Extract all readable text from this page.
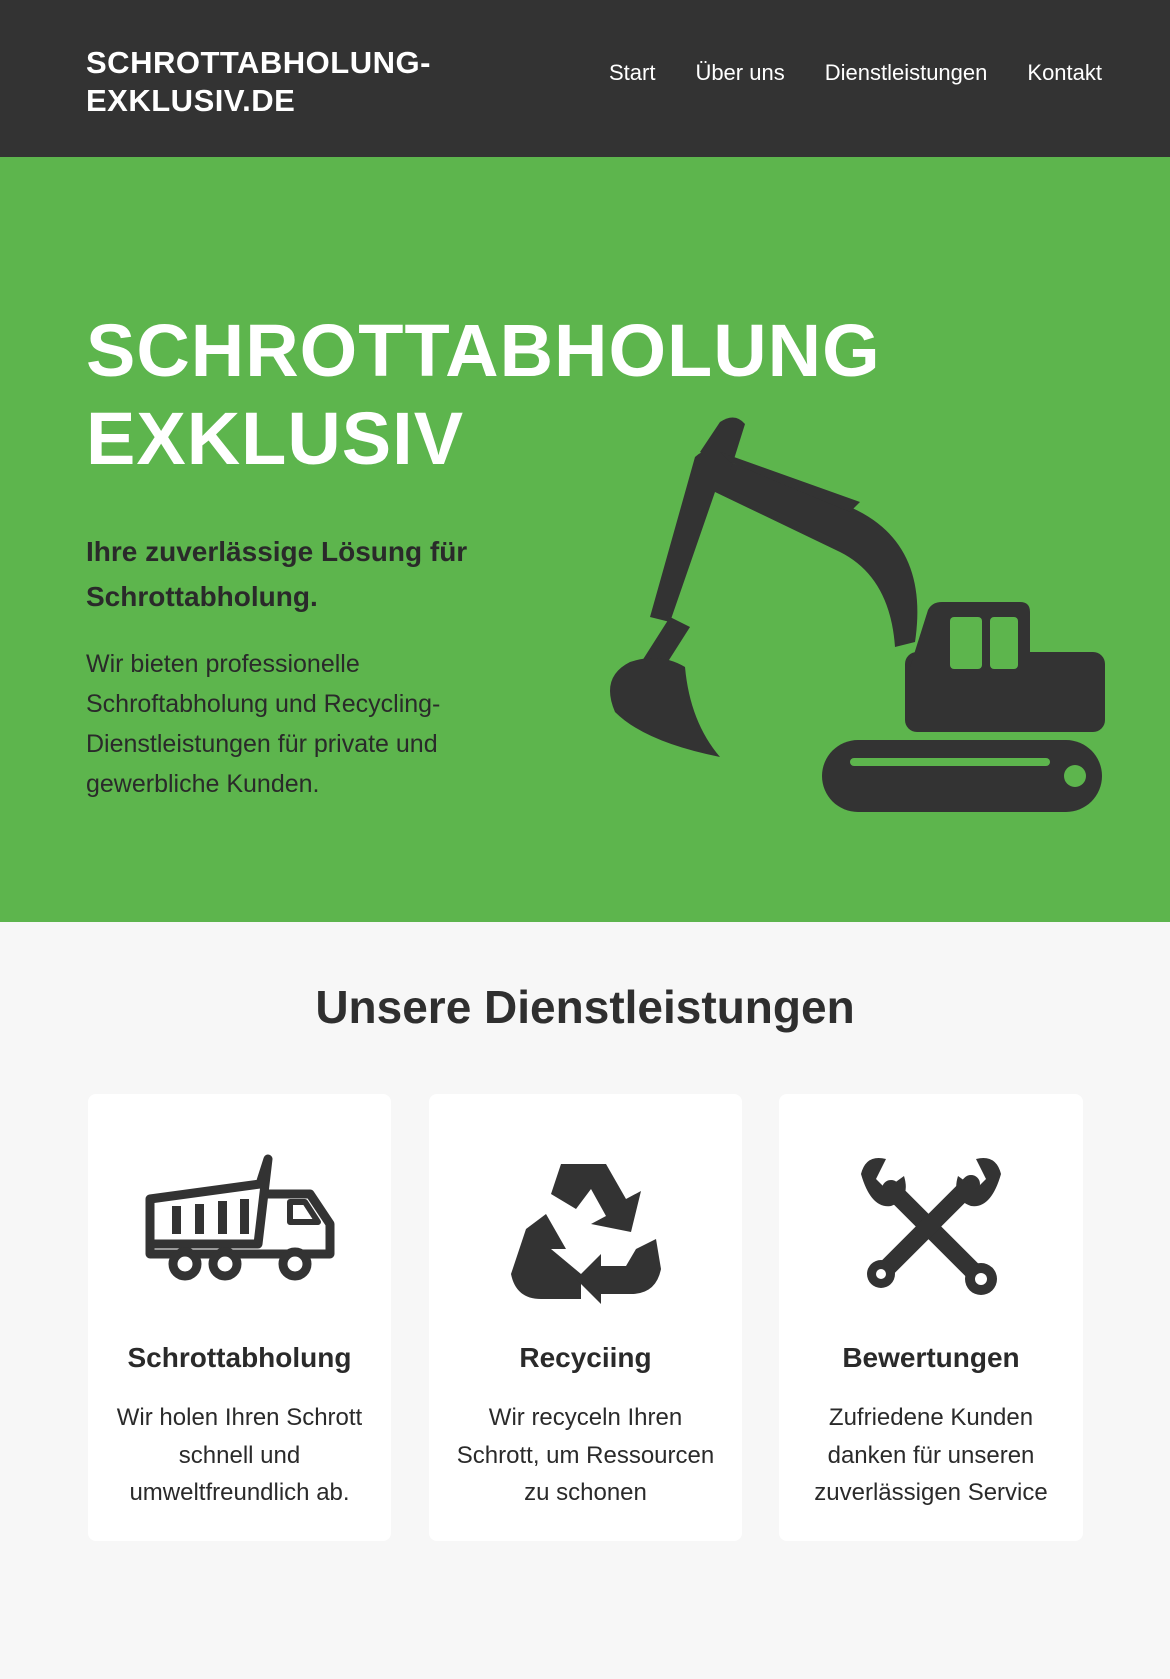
SCHROTTABHOLUNG-
EXKLUSIV.DE
Start Über uns Dienstleistungen Kontakt
SCHROTTABHOLUNG
EXKLUSIV
Ihre zuverlässige Lösung für Schrottabholung.

Wir bieten professionelle Schroftabholung und Recycling-Dienstleistungen für private und gewerbliche Kunden.

Unsere Dienstleistungen
Schrottabholung

Wir holen Ihren Schrott schnell und umweltfreundlich ab.

Recyciing

Wir recyceln Ihren Schrott, um Ressourcen zu schonen

Bewertungen

Zufriedene Kunden danken für unseren zuverlässigen Service
